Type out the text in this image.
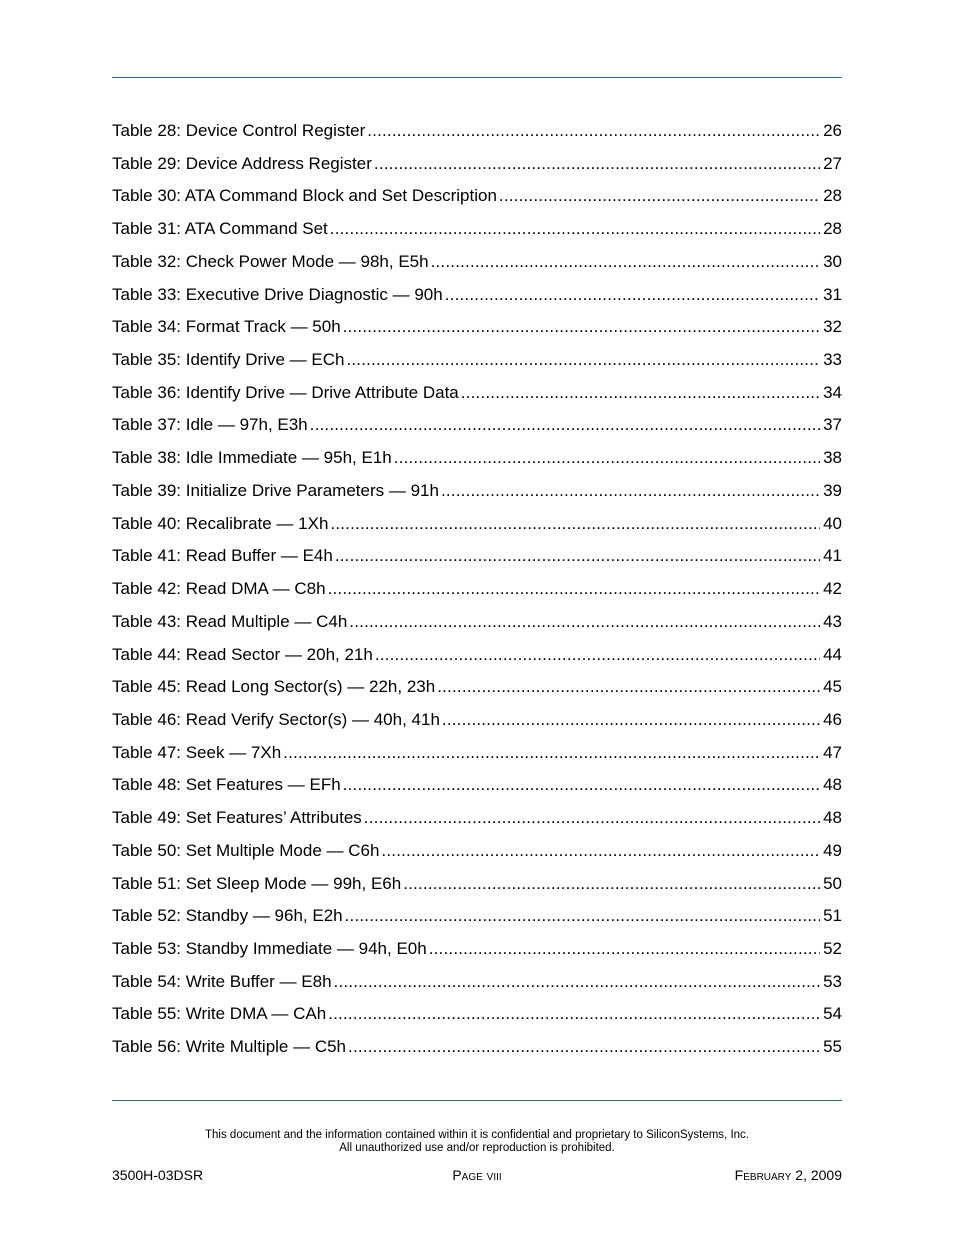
Table 28: Device Control Register .....	26
Table 29: Device Address Register .....	27
Table 30: ATA Command Block and Set Description .....	28
Table 31: ATA Command Set .....	28
Table 32: Check Power Mode — 98h, E5h .....	30
Table 33: Executive Drive Diagnostic — 90h .....	31
Table 34: Format Track — 50h .....	32
Table 35: Identify Drive — ECh .....	33
Table 36: Identify Drive — Drive Attribute Data .....	34
Table 37: Idle — 97h, E3h .....	37
Table 38: Idle Immediate — 95h, E1h .....	38
Table 39: Initialize Drive Parameters — 91h .....	39
Table 40: Recalibrate — 1Xh .....	40
Table 41: Read Buffer — E4h .....	41
Table 42: Read DMA — C8h .....	42
Table 43: Read Multiple — C4h .....	43
Table 44: Read Sector — 20h, 21h .....	44
Table 45: Read Long Sector(s) — 22h, 23h .....	45
Table 46: Read Verify Sector(s) — 40h, 41h .....	46
Table 47: Seek — 7Xh .....	47
Table 48: Set Features — EFh .....	48
Table 49: Set Features’ Attributes .....	48
Table 50: Set Multiple Mode — C6h .....	49
Table 51: Set Sleep Mode — 99h, E6h .....	50
Table 52: Standby — 96h, E2h .....	51
Table 53: Standby Immediate — 94h, E0h .....	52
Table 54: Write Buffer — E8h .....	53
Table 55: Write DMA — CAh .....	54
Table 56: Write Multiple — C5h .....	55
This document and the information contained within it is confidential and proprietary to SiliconSystems, Inc.
All unauthorized use and/or reproduction is prohibited.
3500H-03DSR	Page viii	February 2, 2009
